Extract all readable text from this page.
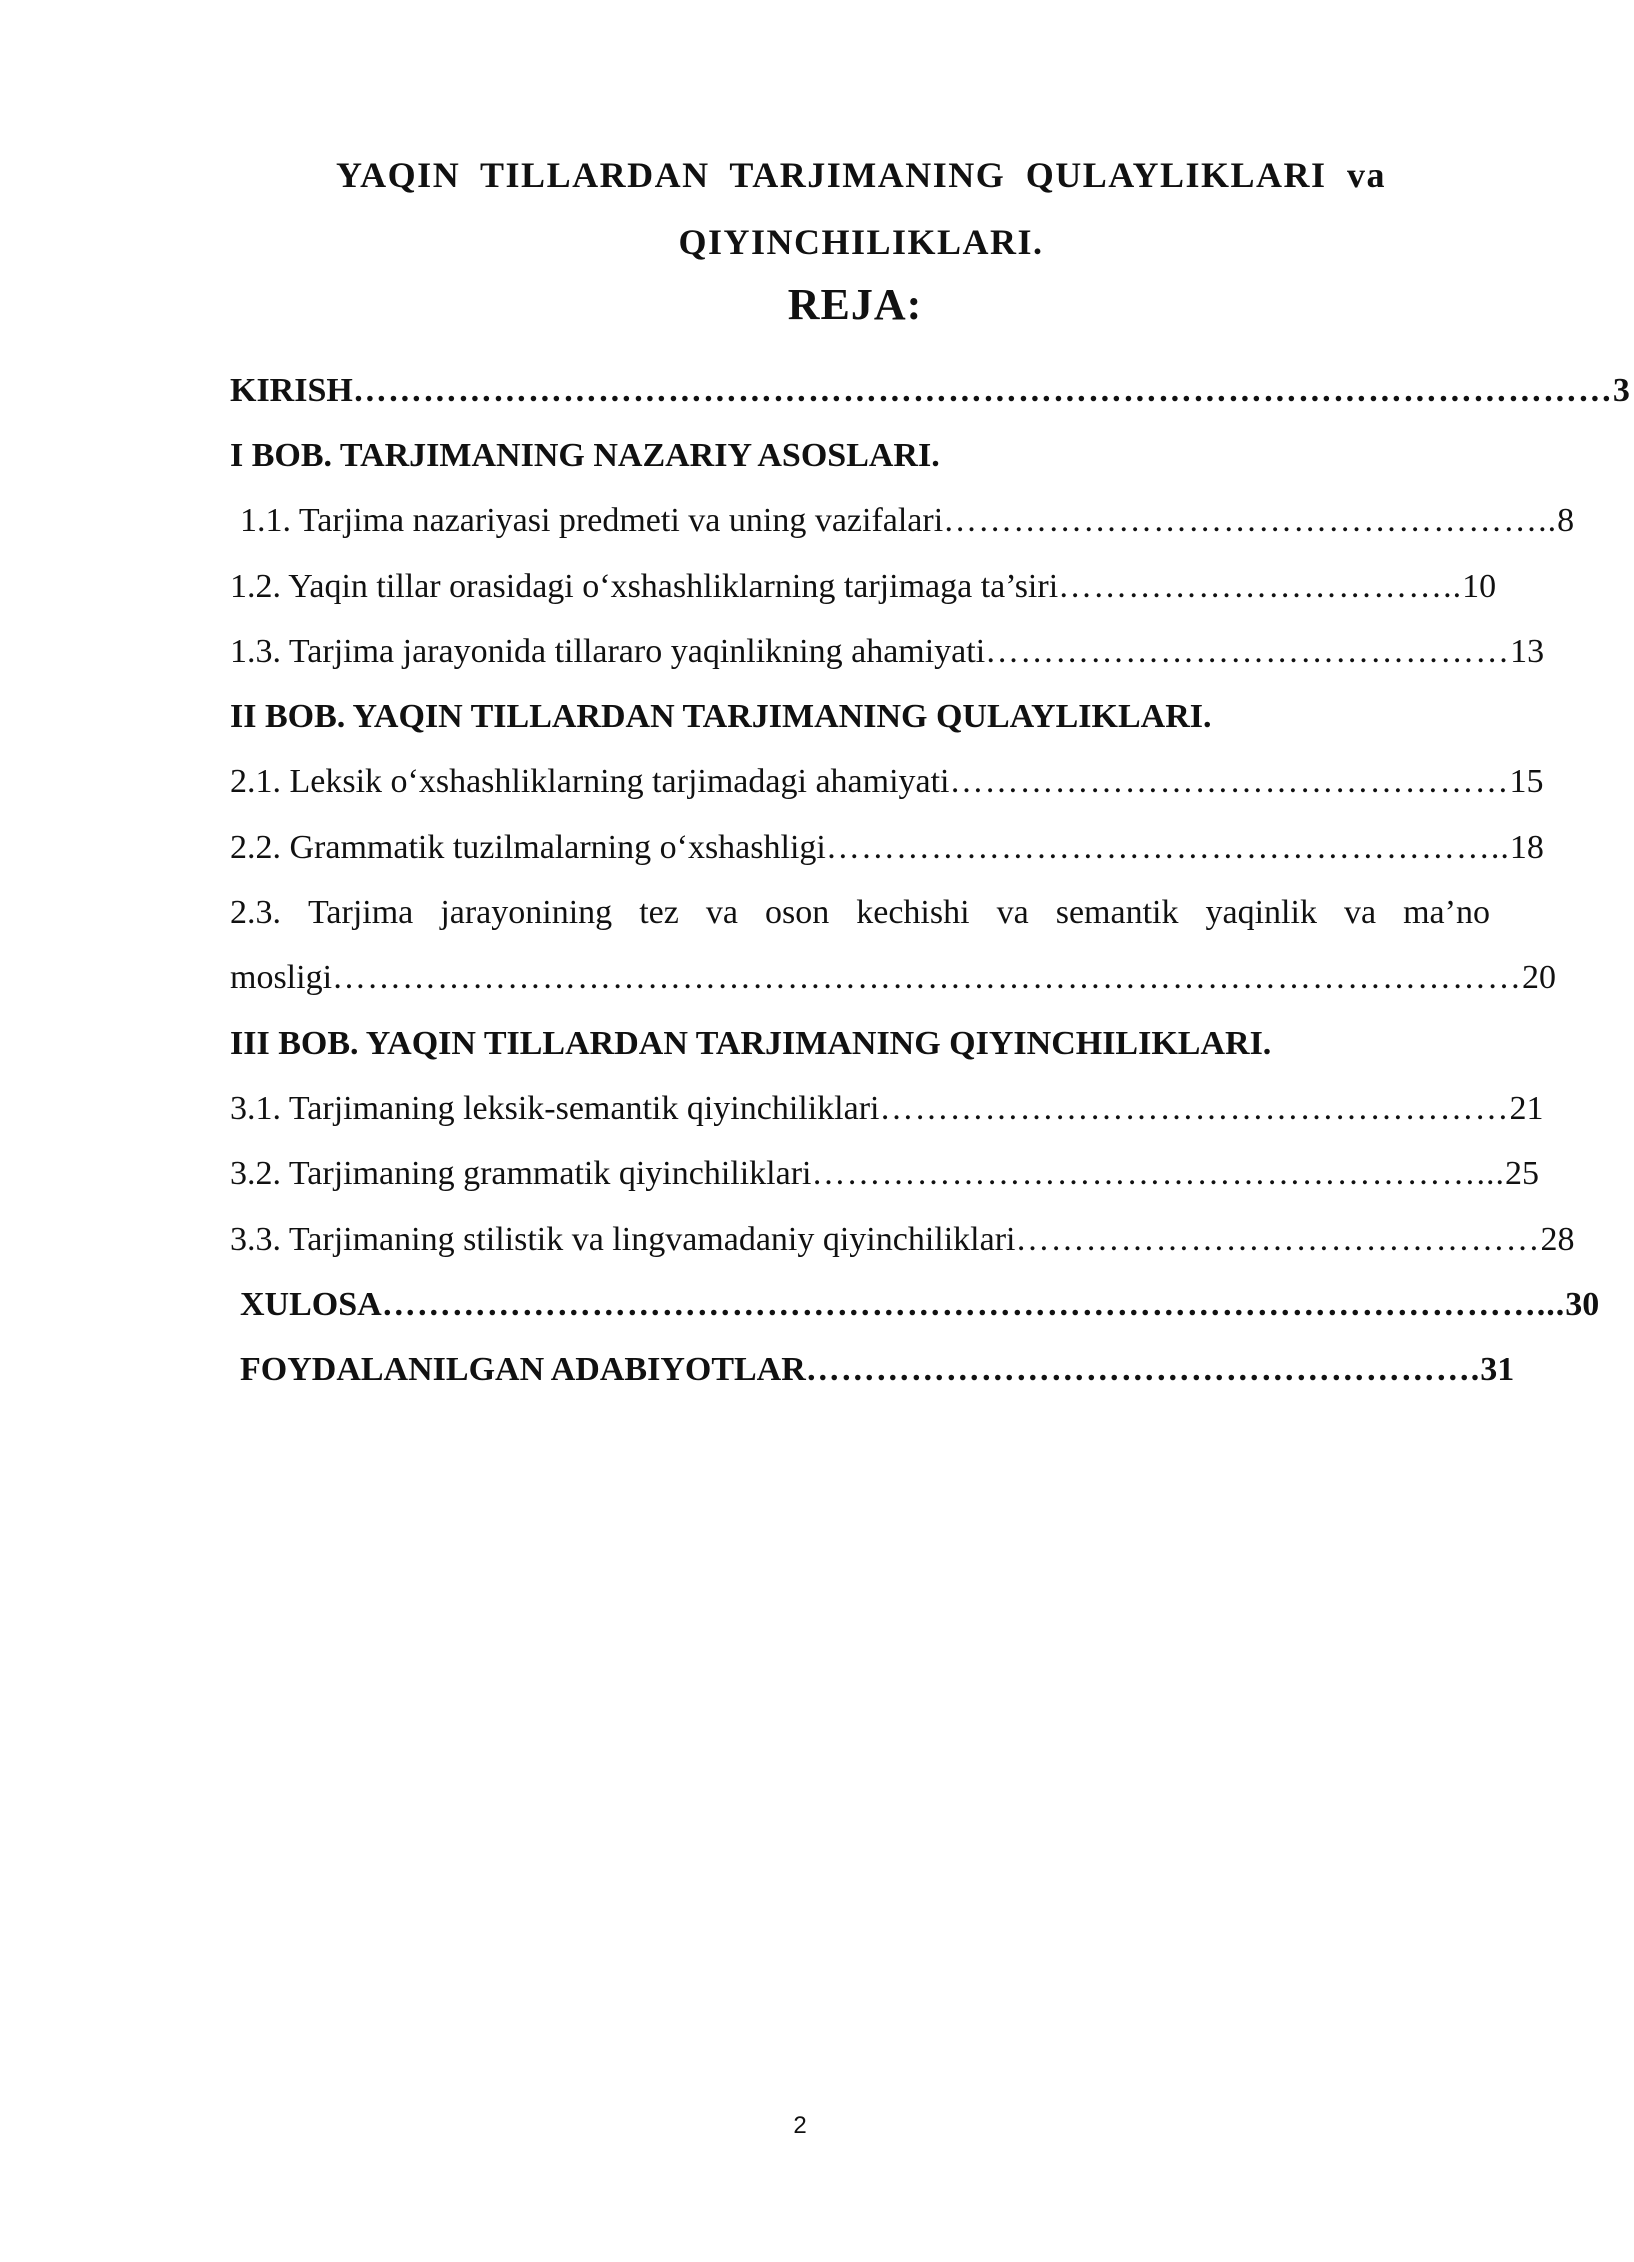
YAQIN TILLARDAN TARJIMANING QULAYLIKLARI va
QIYINCHILIKLARI.
REJA:
KIRISH ……………………………………………………………………………………………… 3
I BOB. TARJIMANING NAZARIY ASOSLARI.
1.1. Tarjima nazariyasi predmeti va uning vazifalari …………………………………………….. 8
1.2. Yaqin tillar orasidagi o‘xshashliklarning tarjimaga ta’siri …………………………….. 10
1.3. Tarjima jarayonida tillararo yaqinlikning ahamiyati ……………………………………… 13
II BOB. YAQIN TILLARDAN TARJIMANING QULAYLIKLARI.
2.1. Leksik o‘xshashliklarning tarjimadagi ahamiyati ………………………………………… 15
2.2. Grammatik tuzilmalarning o‘xshashligi ………………………………………………….. 18
2.3. Tarjima jarayonining tez va oson kechishi va semantik yaqinlik va ma’no
mosligi ………………………………………………………………………………………… 20
III BOB. YAQIN TILLARDAN TARJIMANING QIYINCHILIKLARI.
3.1. Tarjimaning leksik-semantik qiyinchiliklari ……………………………………………… 21
3.2. Tarjimaning grammatik qiyinchiliklari …………………………………………………... 25
3.3. Tarjimaning stilistik va lingvamadaniy qiyinchiliklari ……………………………………… 28
XULOSA ………………………………………………………………………………………... 30
FOYDALANILGAN ADABIYOTLAR …………………………………………………. 31
2
